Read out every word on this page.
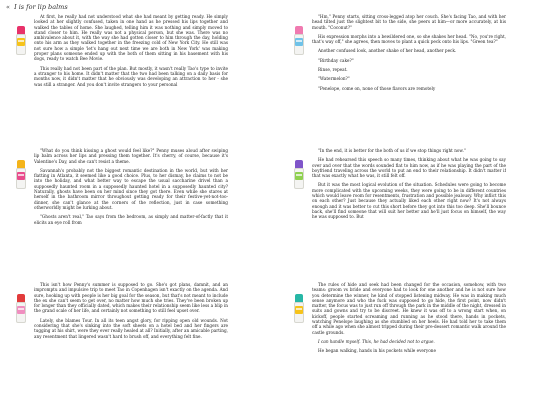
« I is for lip balms

At first, he really had not understood what she had meant by getting ready. He simply looked at her slightly confused, taken in one hand as he pressed his lips together and walked the tables of home. She laughed, telling him it was nothing and simply moved to stand closer to him. He really was not a physical person, but she was. There was no ambivalence about it, with the way she had gotten closer to him through the day, holding onto his arm as they walked together in the freezing cold of New York City. He still was not sure how a simple 'let's hang out next time we are both in New York' was making proper plans someone ended up with the both of them sitting in his basement with his dogs, ready to watch Bee Movie.

This really had not been part of the plan. But mostly, it wasn't really Tao's type to invite a stranger to his home. It didn't matter that the two had been talking on a daily basis for months now, it didn't matter that he obviously was developing an attraction to her - she was still a stranger. And you don't invite strangers to your personal

"Hm," Penny starts, sitting cross-legged atop her couch. She's facing Tao, and with her head tilted just the slightest bit to the side, she peers at him—or more accurately, at his mouth. "Coconut?"

His expression morphs into a bewildered one, so she shakes her head. "No, you're right, that's way off," she agrees, then moves to plant a quick peck onto his lips. "Green tea?"

Another confused look, another shake of her head, another peck.

"Birthday cake?"

Rinse, repeat.

"Watermelon?"

"Penelope, come on, none of those flavors are remotely

"What do you think kissing a ghost would feel like?" Penny muses aloud after swiping lip balm across her lips and pressing them together. It's cherry, of course, because it's Valentine's Day, and she can't resist a theme.

Savannah's probably not the biggest romantic destination in the world, but with her flatting in Atlanta, it seemed like a good choice. Plus, to her dismay, he claims to not be into the holiday, and what better way to escape the usual saccharine drivel than a supposedly haunted room in a supposedly haunted hotel in a supposedly haunted city? Naturally, ghosts have been on her mind since they got there. Even while she stares at herself in the bathroom mirror throughout getting ready for their festive-yet-not-too-dinner, she can't glance at the corners of the reflection, just in case something otherworldly might be lurking about.

"Ghosts aren't real," Tao says from the bedroom, as simply and matter-of-factly that it elicits an eye roll from

"In the end, it is better for the both of us if we stop things right now."

He had rehearsed this speech so many times, thinking about what he was going to say over and over that the words sounded flat to him now, as if he was playing the part of the boyfriend traveling across the world to put an end to their relationship. It didn't matter if that was exactly what he was, it still felt off.

But it was the most logical evolution of the situation. Schedules were going to become more complicated with the upcoming weeks, they were going to be in different countries which would leave room for resentments, frustration and possible jealousy. Why inflict this on each other? Just because they actually liked each other right now? It's not always enough and it was better to cut this short before they got into this too deep. She'll bounce back, she'll find someone that will suit her better and he'll just focus on himself, the way he was supposed to. But

This isn't how Penny's summer is supposed to go. She's got plans, damnit, and an impromptu and impulsive trip to meet Tao in Copenhagen isn't exactly on the agenda. And sure, hooking up with people is her big goal for the season, but that's not meant to include the ex she can't seem to get over, no matter how much she tries. They've been broken up for longer than they officially dated, which makes their relationship seem like less a blip in the grand scale of her life, and certainly not something to still feel upset over.

Lately, she blames Tour. In all its teen angst glory, for ripping open old wounds. Not considering that she's sinking into the soft sheets on a hotel bed and her fingers are tugging at his shirt, were they ever really healed at all? Initially, after an amicable parting, any resentment that lingered wasn't hard to brush off, and everything felt fine.

The rules of hide and seek had been changed for the occasion, somehow, with two teams: groom vs bride and everyone had to look for one another and he is not sure how you determine the winner, he kind of stopped listening midway. He was in making much sense anymore and who the fuck was supposed to go hide, the first point, now didn't matter, the focus was to just run off through the park in the middle of the night, dressed in suits and gowns and try to be discreet. He knew it was off to a wrong start when, on kickoff, people started screaming and running as he stood there, hands in pockets, watching Penelope laughing as she stumbled on her heels. He had told her to take them off a while ago when she almost tripped during their pre-dessert romantic walk around the castle grounds.

I can handle myself. This, he had decided not to argue.

He began walking, hands in his pockets while everyone
